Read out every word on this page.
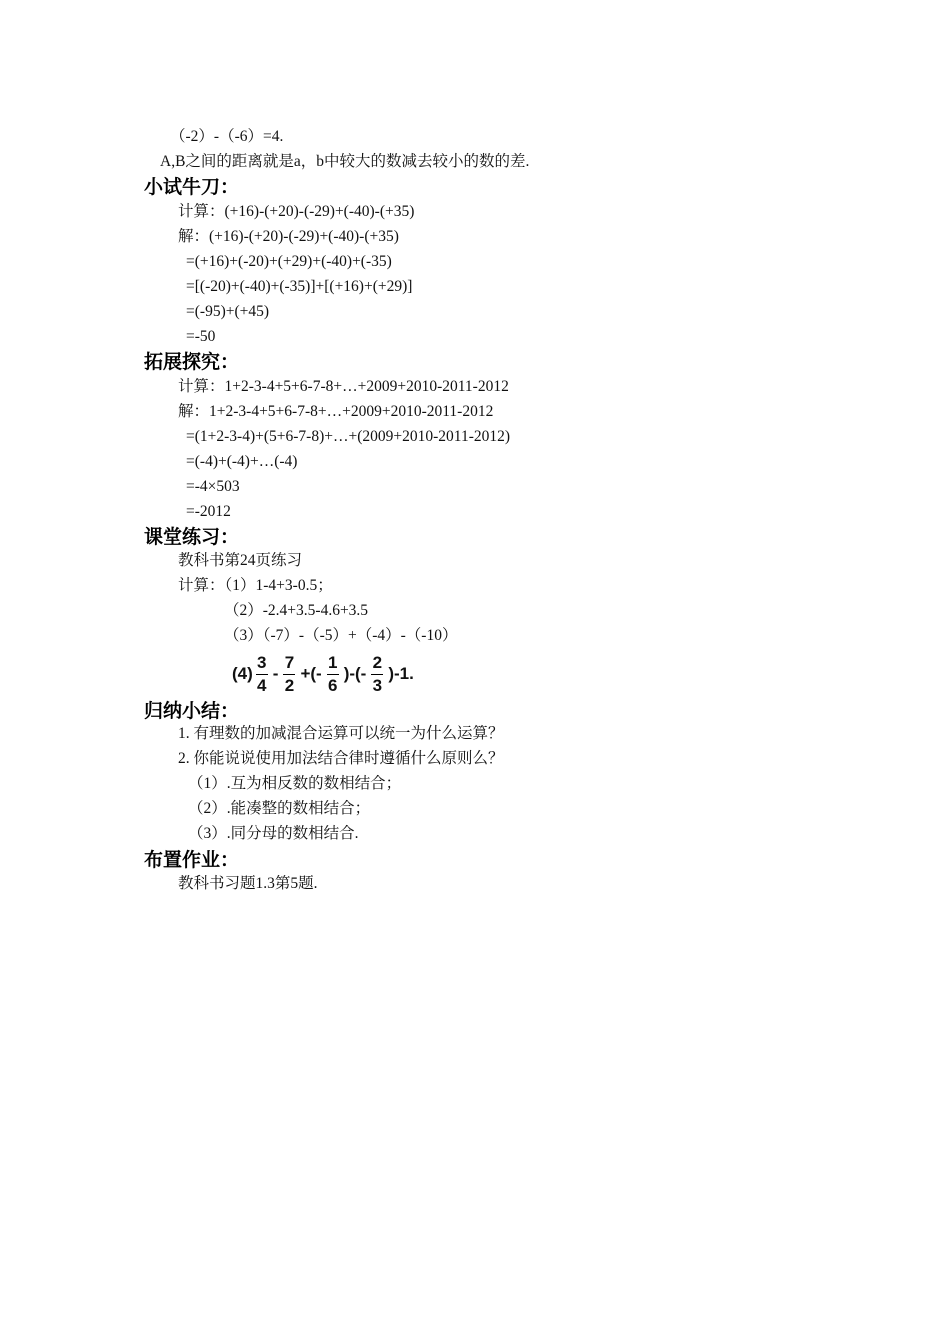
（-2）-（-6）=4.
A,B之间的距离就是a，b中较大的数减去较小的数的差.
小试牛刀：
计算：(+16)-(+20)-(-29)+(-40)-(+35)
解：(+16)-(+20)-(-29)+(-40)-(+35)
=(+16)+(-20)+(+29)+(-40)+(-35)
=[(-20)+(-40)+(-35)]+[(+16)+(+29)]
=(-95)+(+45)
=-50
拓展探究：
计算：1+2-3-4+5+6-7-8+…+2009+2010-2011-2012
解：1+2-3-4+5+6-7-8+…+2009+2010-2011-2012
=(1+2-3-4)+(5+6-7-8)+…+(2009+2010-2011-2012)
=(-4)+(-4)+…(-4)
=-4×503
=-2012
课堂练习：
教科书第24页练习
计算：（1）1-4+3-0.5；
（2）-2.4+3.5-4.6+3.5
（3）（-7）-（-5）+（-4）-（-10）
$(4) \frac{3}{4} - \frac{7}{2}$ +(- $\frac{1}{6}$ )-(- $\frac{2}{3} )-1$.
归纳小结：
1. 有理数的加减混合运算可以统一为什么运算？
2. 你能说说使用加法结合律时遵循什么原则么？
（1）.互为相反数的数相结合；
（2）.能凑整的数相结合；
（3）.同分母的数相结合.
布置作业：
教科书习题1.3第5题.
